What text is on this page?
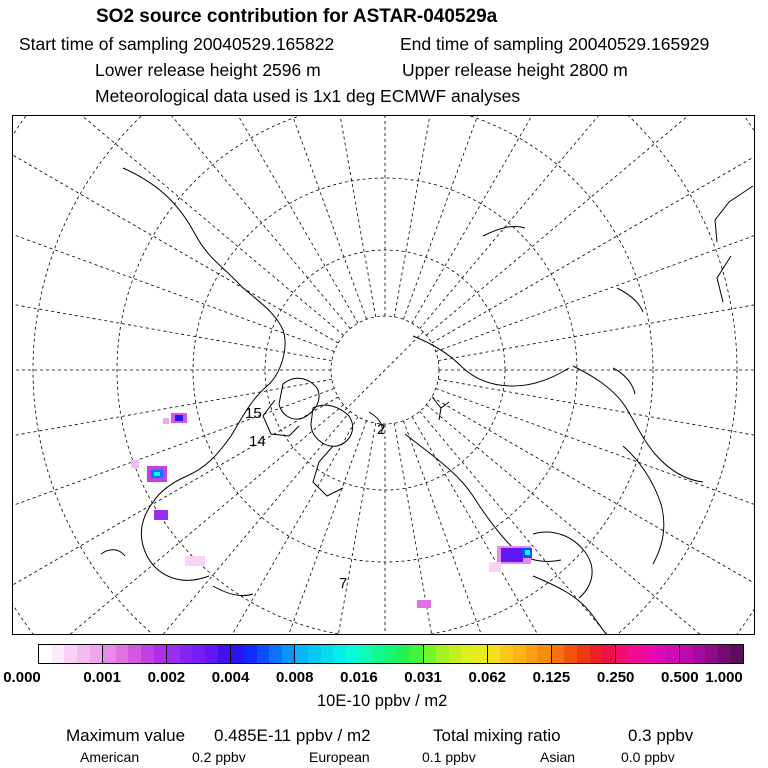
SO2 source contribution for ASTAR-040529a
Start time of sampling 20040529.165822	End time of sampling 20040529.165929
Lower release height 2596 m	Upper release height 2800 m
Meteorological data used is 1x1 deg ECMWF analyses
15
14
2
7
0.000	0.001 0.002 0.004 0.008 0.016 0.031 0.062 0.125 0.250 0.500 1.000
10E-10 ppbv / m2
Maximum value 0.485E-11 ppbv / m2	Total mixing ratio	0.3 ppbv
American	0.2 ppbv	European	0.1 ppbv	Asian	0.0 ppbv
